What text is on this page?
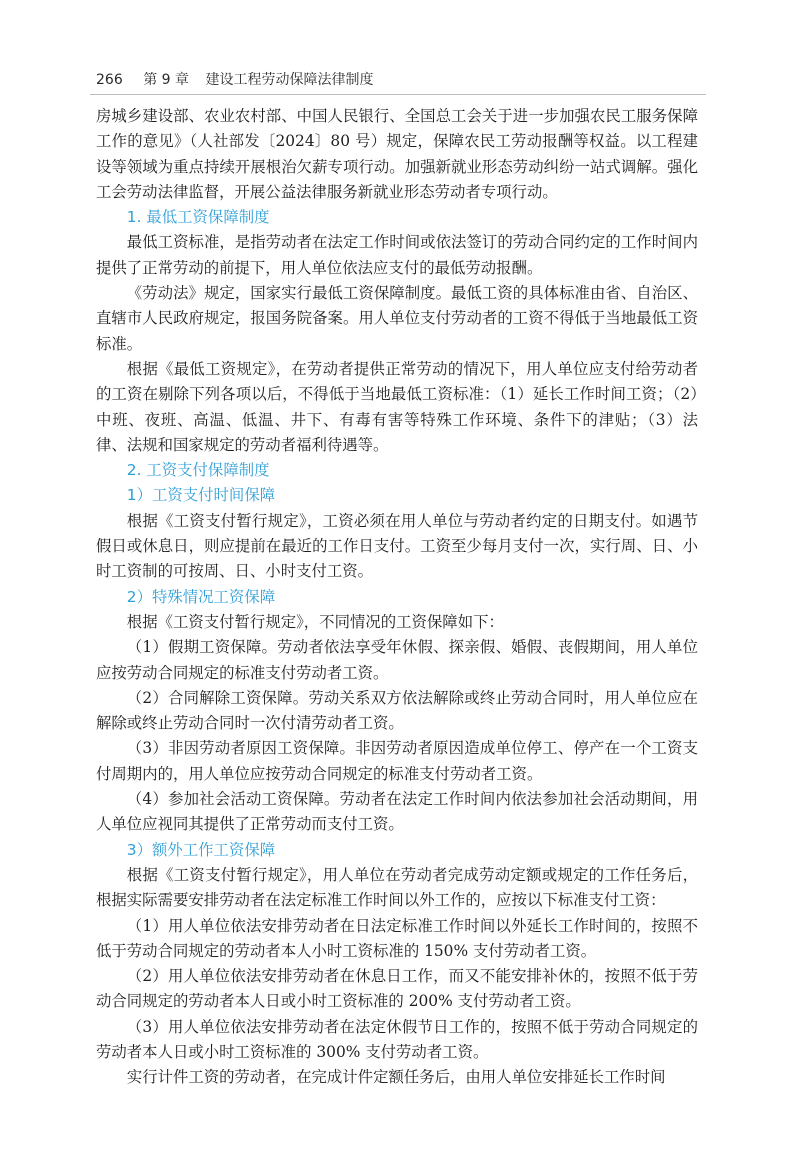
266 第 9 章 建设工程劳动保障法律制度

房城乡建设部、农业农村部、中国人民银行、全国总工会关于进一步加强农民工服务保障工作的意见》（人社部发〔2024〕80 号）规定，保障农民工劳动报酬等权益。以工程建设等领域为重点持续开展根治欠薪专项行动。加强新就业形态劳动纠纷一站式调解。强化工会劳动法律监督，开展公益法律服务新就业形态劳动者专项行动。

1. 最低工资保障制度

最低工资标准，是指劳动者在法定工作时间或依法签订的劳动合同约定的工作时间内提供了正常劳动的前提下，用人单位依法应支付的最低劳动报酬。

《劳动法》规定，国家实行最低工资保障制度。最低工资的具体标准由省、自治区、直辖市人民政府规定，报国务院备案。用人单位支付劳动者的工资不得低于当地最低工资标准。

根据《最低工资规定》，在劳动者提供正常劳动的情况下，用人单位应支付给劳动者的工资在剔除下列各项以后，不得低于当地最低工资标准：（1）延长工作时间工资；（2）中班、夜班、高温、低温、井下、有毒有害等特殊工作环境、条件下的津贴；（3）法律、法规和国家规定的劳动者福利待遇等。

2. 工资支付保障制度

1）工资支付时间保障

根据《工资支付暂行规定》，工资必须在用人单位与劳动者约定的日期支付。如遇节假日或休息日，则应提前在最近的工作日支付。工资至少每月支付一次，实行周、日、小时工资制的可按周、日、小时支付工资。

2）特殊情况工资保障

根据《工资支付暂行规定》，不同情况的工资保障如下：

（1）假期工资保障。劳动者依法享受年休假、探亲假、婚假、丧假期间，用人单位应按劳动合同规定的标准支付劳动者工资。

（2）合同解除工资保障。劳动关系双方依法解除或终止劳动合同时，用人单位应在解除或终止劳动合同时一次付清劳动者工资。

（3）非因劳动者原因工资保障。非因劳动者原因造成单位停工、停产在一个工资支付周期内的，用人单位应按劳动合同规定的标准支付劳动者工资。

（4）参加社会活动工资保障。劳动者在法定工作时间内依法参加社会活动期间，用人单位应视同其提供了正常劳动而支付工资。

3）额外工作工资保障

根据《工资支付暂行规定》，用人单位在劳动者完成劳动定额或规定的工作任务后，根据实际需要安排劳动者在法定标准工作时间以外工作的，应按以下标准支付工资：

（1）用人单位依法安排劳动者在日法定标准工作时间以外延长工作时间的，按照不低于劳动合同规定的劳动者本人小时工资标准的 150% 支付劳动者工资。

（2）用人单位依法安排劳动者在休息日工作，而又不能安排补休的，按照不低于劳动合同规定的劳动者本人日或小时工资标准的 200% 支付劳动者工资。

（3）用人单位依法安排劳动者在法定休假节日工作的，按照不低于劳动合同规定的劳动者本人日或小时工资标准的 300% 支付劳动者工资。

实行计件工资的劳动者，在完成计件定额任务后，由用人单位安排延长工作时间
